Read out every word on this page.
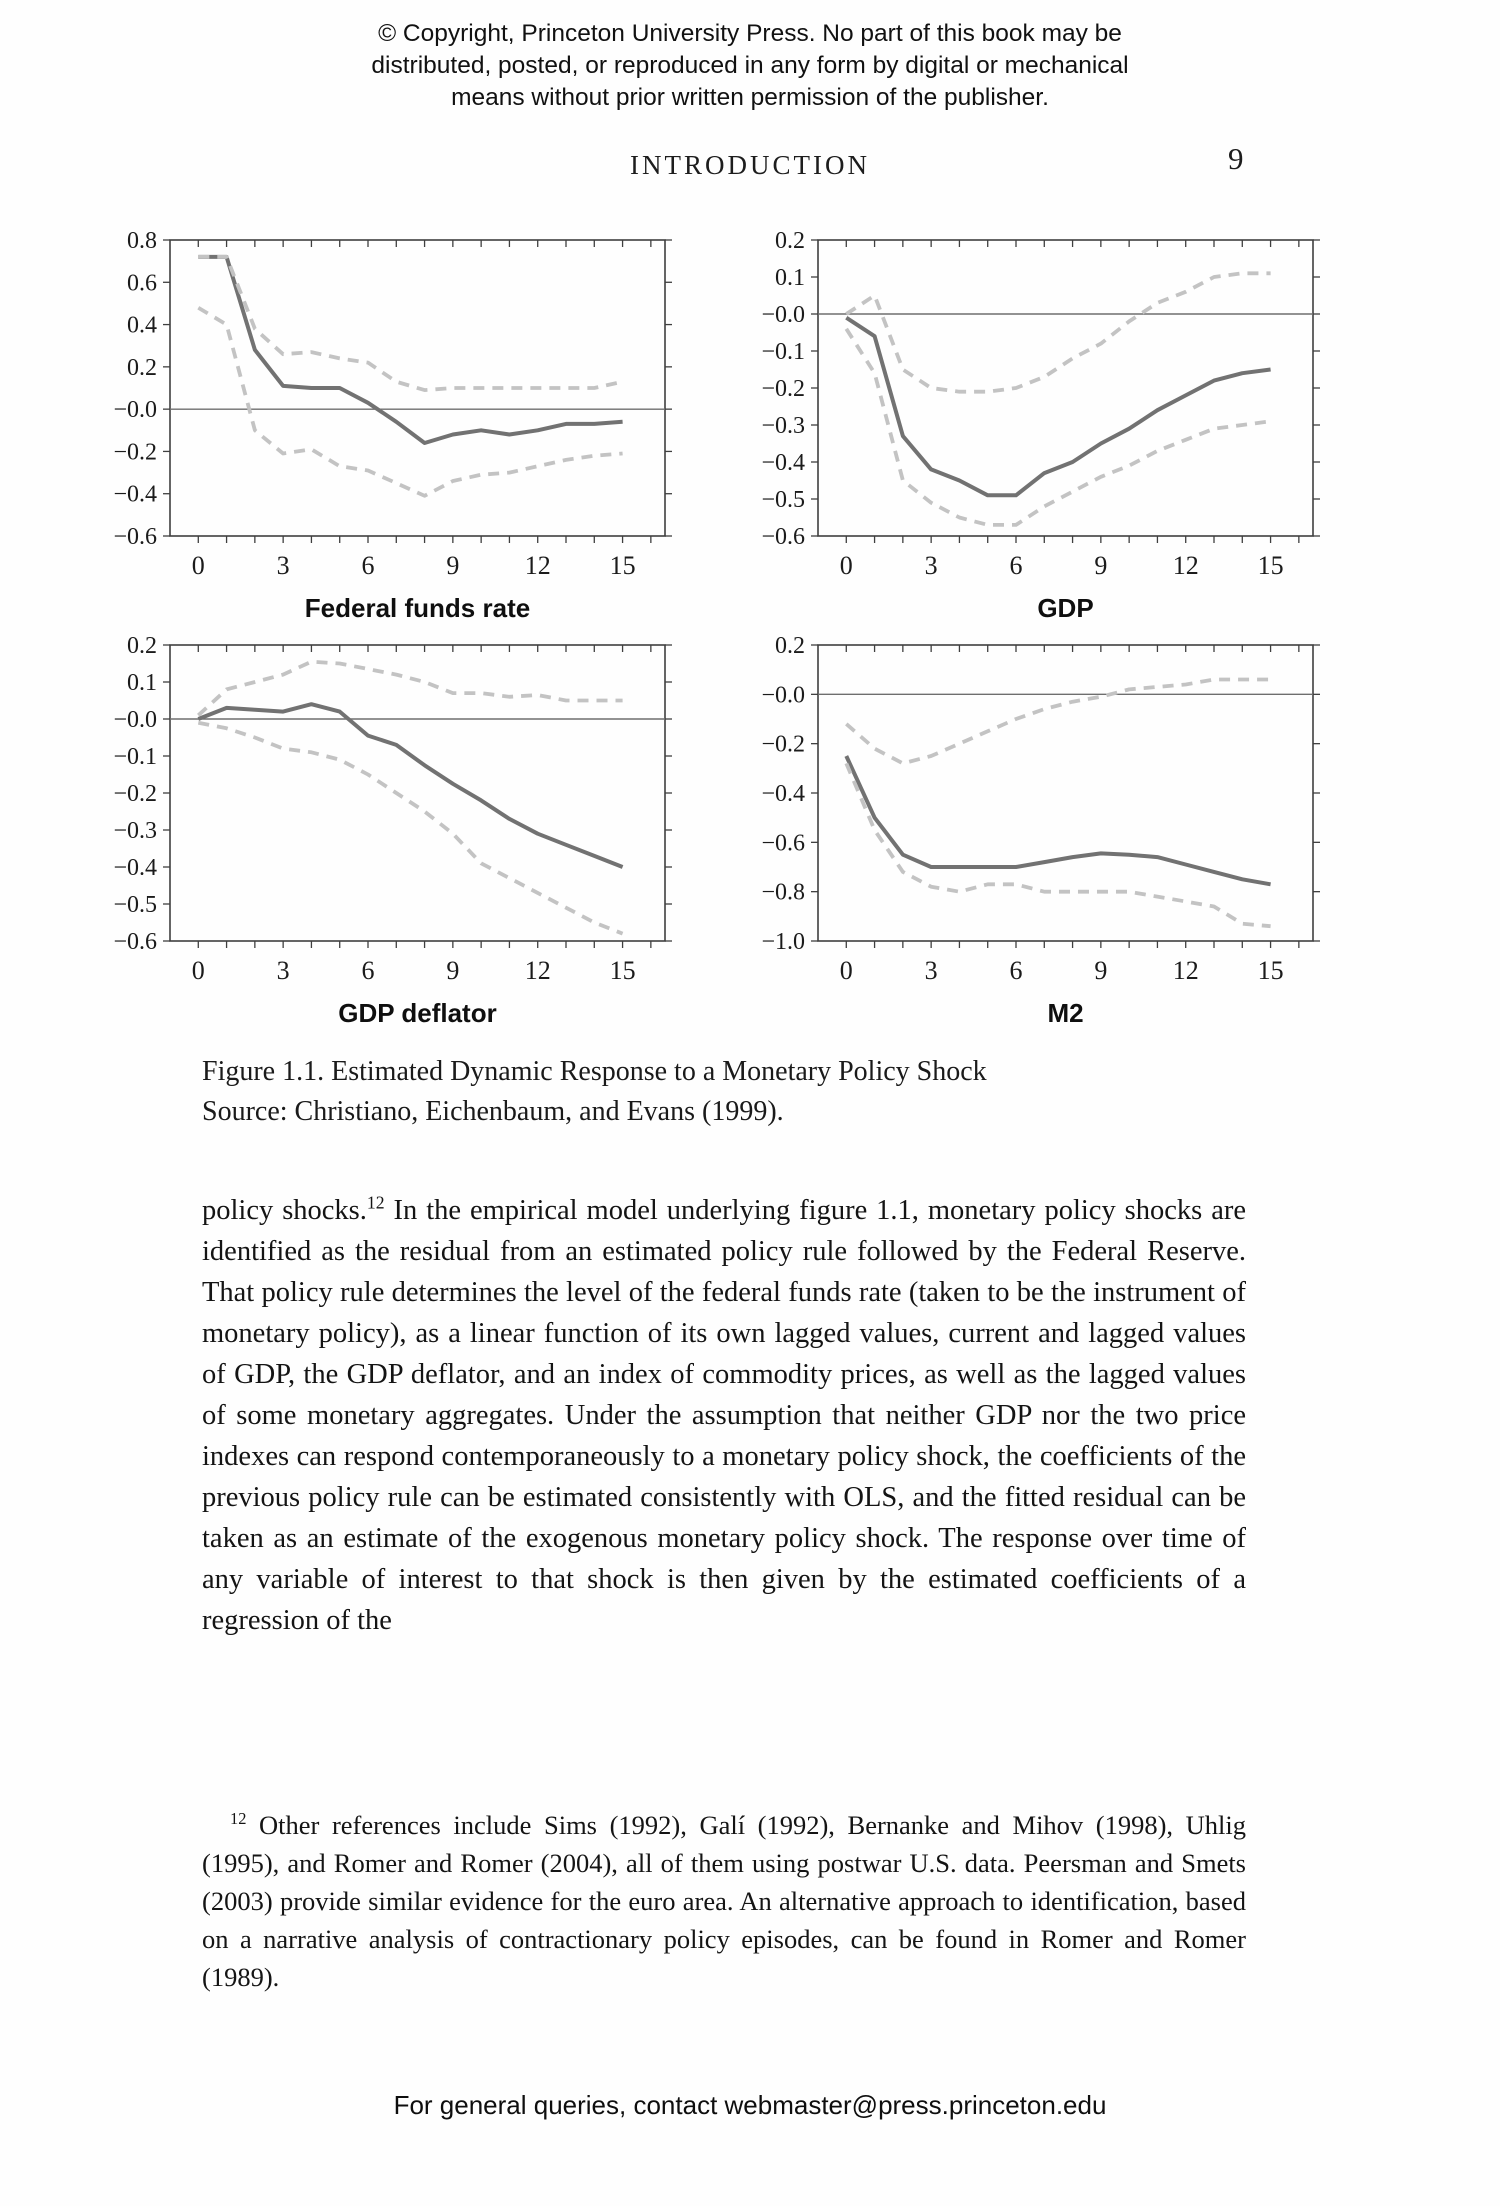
© Copyright, Princeton University Press. No part of this book may be
distributed, posted, or reproduced in any form by digital or mechanical
means without prior written permission of the publisher.
INTRODUCTION	9
0.8
0.6
0.4
0.2
−0.0
−0.2
−0.4
−0.6
0	3	6	9	12 15
Federal funds rate
0.2
0.1
−0.0
−0.1
−0.2
−0.3
−0.4
−0.5
−0.6
0	3	6	9	12 15
GDP
0.2
0.1
−0.0
−0.1
−0.2
−0.3
−0.4
−0.5
−0.6
0	3	6	9	12 15
GDP deflator
0.2
−0.0
−0.2
−0.4
−0.6
−0.8
−1.0
0	3	6	9	12 15
M2
Figure 1.1. Estimated Dynamic Response to a Monetary Policy Shock
Source: Christiano, Eichenbaum, and Evans (1999).

policy shocks.$^{12}$ In the empirical model underlying figure 1.1, monetary policy shocks are identified as the residual from an estimated policy rule followed by the Federal Reserve. That policy rule determines the level of the federal funds rate (taken to be the instrument of monetary policy), as a linear function of its own lagged values, current and lagged values of GDP, the GDP deflator, and an index of commodity prices, as well as the lagged values of some monetary aggregates. Under the assumption that neither GDP nor the two price indexes can respond contemporaneously to a monetary policy shock, the coefficients of the previous policy rule can be estimated consistently with OLS, and the fitted residual can be taken as an estimate of the exogenous monetary policy shock. The response over time of any variable of interest to that shock is then given by the estimated coefficients of a regression of the

$^{12}$ Other references include Sims (1992), Galí (1992), Bernanke and Mihov (1998), Uhlig (1995), and Romer and Romer (2004), all of them using postwar U.S. data. Peersman and Smets (2003) provide similar evidence for the euro area. An alternative approach to identification, based on a narrative analysis of contractionary policy episodes, can be found in Romer and Romer (1989).

For general queries, contact webmaster@press.princeton.edu
